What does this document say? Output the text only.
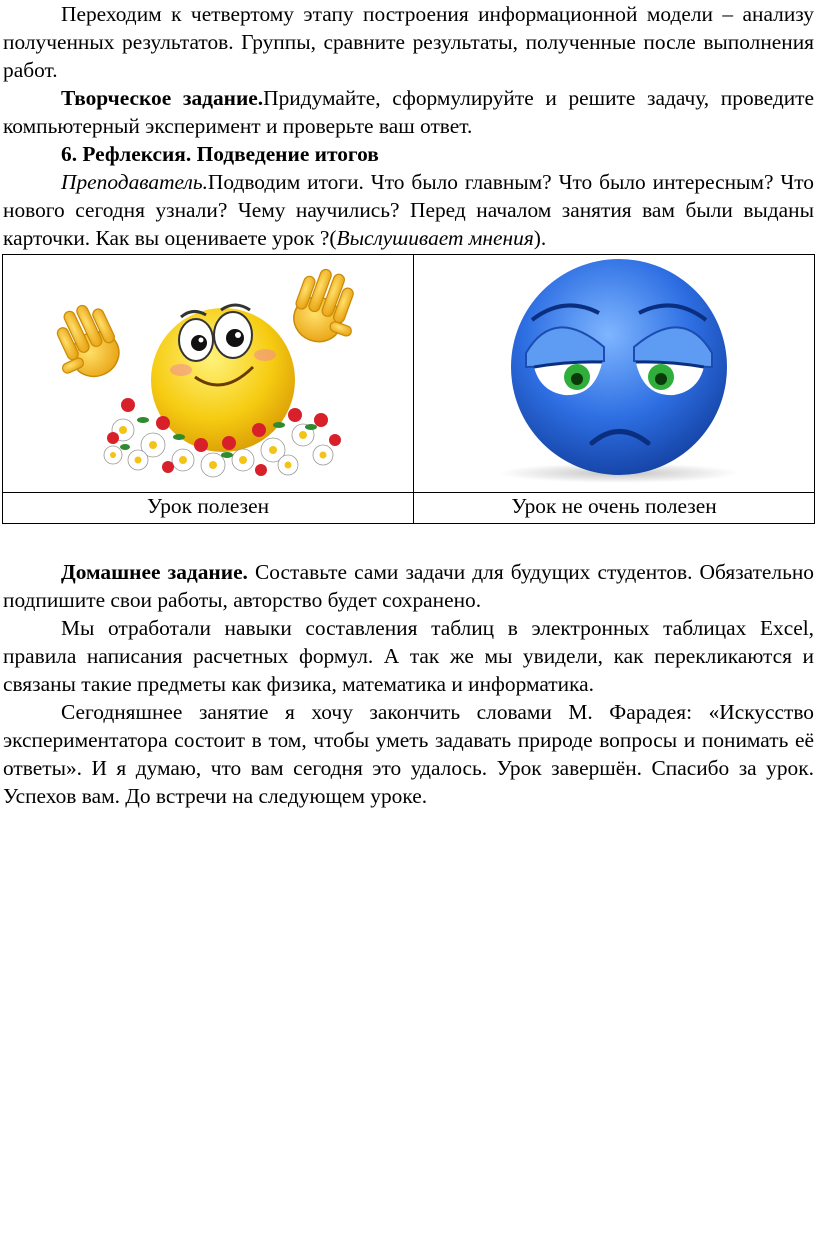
Переходим к четвертому этапу построения информационной модели – анализу полученных результатов. Группы, сравните результаты, полученные после выполнения работ.

Творческое задание.Придумайте, сформулируйте и решите задачу, проведите компьютерный эксперимент и проверьте ваш ответ.

6. Рефлексия. Подведение итогов

Преподаватель.Подводим итоги. Что было главным? Что было интересным? Что нового сегодня узнали? Чему научились? Перед началом занятия вам были выданы карточки. Как вы оцениваете урок ?(Выслушивает мнения).

Урок полезен	Урок не очень полезен

Домашнее задание. Составьте сами задачи для будущих студентов. Обязательно подпишите свои работы, авторство будет сохранено.

Мы отработали навыки составления таблиц в электронных таблицах Excel, правила написания расчетных формул. А так же мы увидели, как перекликаются и связаны такие предметы как физика, математика и информатика.

Сегодняшнее занятие я хочу закончить словами М. Фарадея: «Искусство экспериментатора состоит в том, чтобы уметь задавать природе вопросы и понимать её ответы». И я думаю, что вам сегодня это удалось. Урок завершён. Спасибо за урок. Успехов вам. До встречи на следующем уроке.
